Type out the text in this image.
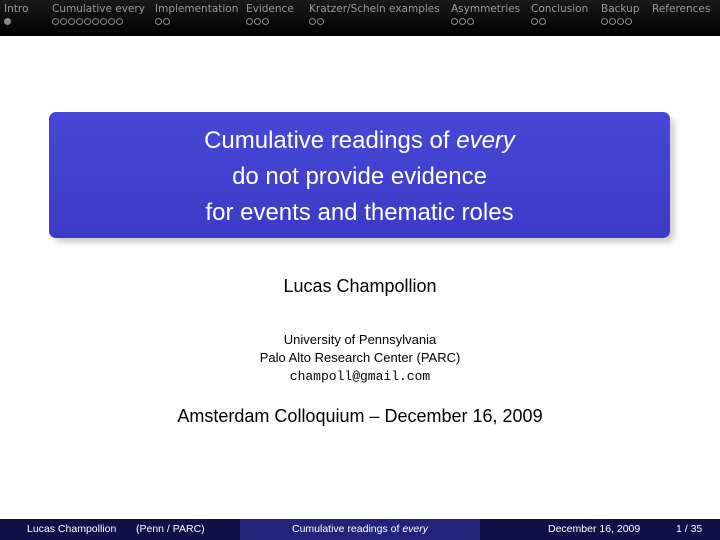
Intro Cumulative every Implementation Evidence Kratzer/Schein examples Asymmetries Conclusion Backup References
Cumulative readings of every
do not provide evidence
for events and thematic roles
Lucas Champollion
University of Pennsylvania
Palo Alto Research Center (PARC)
champoll@gmail.com
Amsterdam Colloquium – December 16, 2009
Lucas Champollion (Penn / PARC)	Cumulative readings of every	December 16, 2009	1 / 35
